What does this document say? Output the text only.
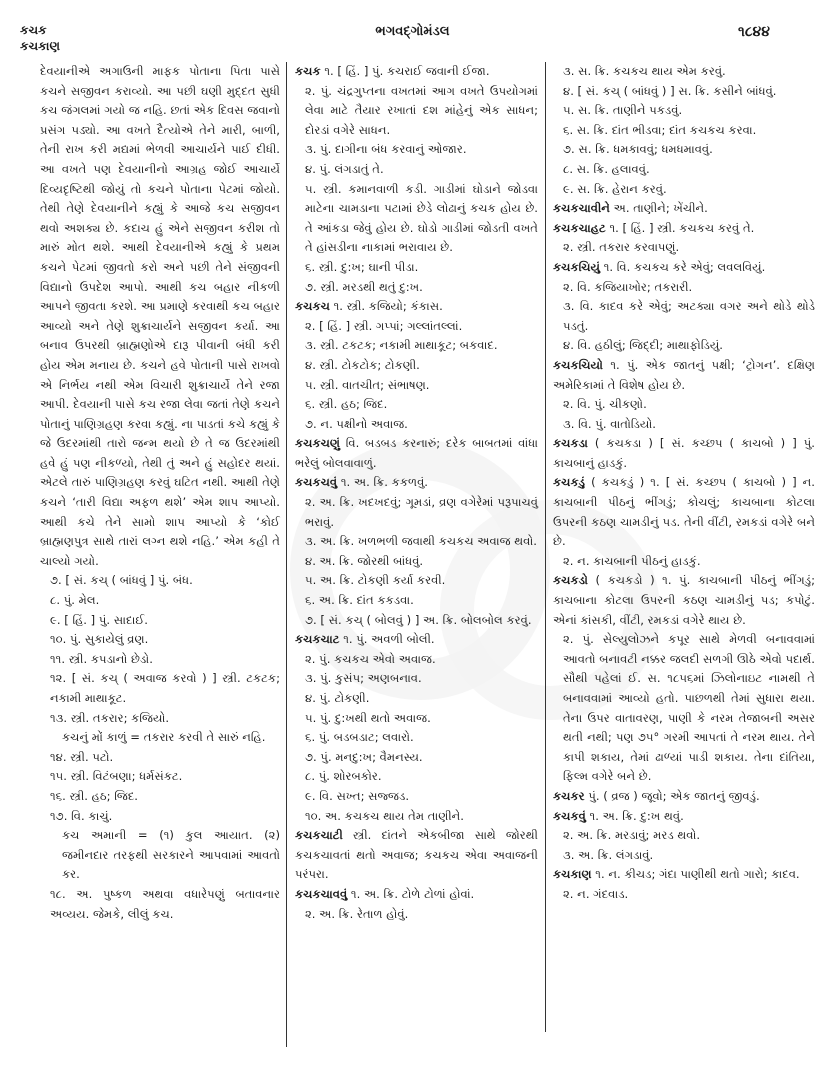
કચક
કચકાણ
ભગવદ્ગોમંડલ	૧૮૪૪

દેવયાનીએ અગાઉની માફક પોતાના પિતા પાસે કચને સજીવન કરાવ્યો. આ પછી ઘણી મુદ્દત સુધી કચ જંગલમાં ગયો જ નહિ. છતાં એક દિવસ જવાનો પ્રસંગ પડ્યો. આ વખતે દૈત્યોએ તેને મારી, બાળી, તેની રાખ કરી મદ્યમાં ભેળવી આચાર્યને પાઈ દીધી. આ વખતે પણ દેવયાનીનો આગ્રહ જોઈ આચાર્યે દિવ્યદૃષ્ટિથી જોયું તો કચને પોતાના પેટમાં જોયો. તેથી તેણે દેવયાનીને કહ્યું કે આજે કચ સજીવન થવો અશક્ય છે. કદાચ હું એને સજીવન કરીશ તો મારું મોત થશે. આથી દેવયાનીએ કહ્યું કે પ્રથમ કચને પેટમાં જીવતો કરો અને પછી તેને સંજીવની વિદ્યાનો ઉપદેશ આપો. આથી કચ બહાર નીકળી આપને જીવતા કરશે. આ પ્રમાણે કરવાથી કચ બહાર આવ્યો અને તેણે શુક્રાચાર્યને સજીવન કર્યા. આ બનાવ ઉપરથી બ્રાહ્મણોએ દારૂ પીવાની બંધી કરી હોય એમ મનાય છે. કચને હવે પોતાની પાસે રાખવો એ નિર્ભય નથી એમ વિચારી શુક્રાચાર્યે તેને રજા આપી. દેવયાની પાસે કચ રજા લેવા જતાં તેણે કચને પોતાનું પાણિગ્રહણ કરવા કહ્યું. ના પાડતાં કચે કહ્યું કે જે ઉદરમાંથી તારો જન્મ થયો છે તે જ ઉદરમાંથી હવે હું પણ નીકળ્યો, તેથી તું અને હું સહોદર થયાં. એટલે તારું પાણિગ્રહણ કરવું ઘટિત નથી. આથી તેણે કચને ‘તારી વિદ્યા અફળ થશે’ એમ શાપ આપ્યો. આથી કચે તેને સામો શાપ આપ્યો કે ‘કોઈ બ્રાહ્મણપુત્ર સાથે તારાં લગ્ન થશે નહિ.’ એમ કહી તે ચાલ્યો ગયો.

૭. [ સં. કચ્ ( બાંધવું ] પું. બંધ.

૮. પું. મેલ.

૯. [ હિં. ] પું. સાદાઈ.

૧૦. પું. સુકાયેલું વ્રણ.

૧૧. સ્ત્રી. કપડાનો છેડો.

૧૨. [ સં. કચ્ ( અવાજ કરવો ) ] સ્ત્રી. ટકટક; નકામી માથાકૂટ.

૧૩. સ્ત્રી. તકરાર; કજિયો.

કચનું મોં કાળું = તકરાર કરવી તે સારું નહિ.

૧૪. સ્ત્રી. પટો.

૧૫. સ્ત્રી. વિટંબણા; ધર્મસંકટ.

૧૬. સ્ત્રી. હઠ; જિદ.

૧૭. વિ. કાચું.

કચ અમાની = (૧) કુલ આયાત. (૨) જમીનદાર તરફથી સરકારને આપવામાં આવતો કર.

૧૮. અ. પુષ્કળ અથવા વધારેપણું બતાવનાર અવ્યય. જેમકે, લીલું કચ.

કચક ૧. [ હિં. ] પું. કચરાઈ જવાની ઈજા.

૨. પું. ચંદ્રગુપ્તના વખતમાં આગ વખતે ઉપયોગમાં લેવા માટે તૈયાર રખાતાં દશ માંહેનું એક સાધન; દોરડાં વગેરે સાધન.

૩. પું. દાગીના બંધ કરવાનું ઓજાર.

૪. પું. લંગડાતું તે.

૫. સ્ત્રી. કમાનવાળી કડી. ગાડીમાં ઘોડાને જોડવા માટેના ચામડાના પટામાં છેડે લોઢાનું કચક હોય છે. તે આંકડા જેવું હોય છે. ઘોડો ગાડીમાં જોડતી વખતે તે હાંસડીના નાકામાં ભરાવાય છે.

૬. સ્ત્રી. દુ:ખ; ઘાની પીડા.

૭. સ્ત્રી. મરડથી થતું દુ:ખ.

કચકચ ૧. સ્ત્રી. કજિયો; કંકાસ.

૨. [ હિં. ] સ્ત્રી. ગપ્પાં; ગલ્લાંતલ્લાં.

૩. સ્ત્રી. ટકટક; નકામી માથાકૂટ; બકવાદ.

૪. સ્ત્રી. ટોકટોક; ટોકણી.

૫. સ્ત્રી. વાતચીત; સંભાષણ.

૬. સ્ત્રી. હઠ; જિદ.

૭. ન. પક્ષીનો અવાજ.

કચકચણું વિ. બડબડ કરનારું; દરેક બાબતમાં વાંધા ભરેલું બોલવાવાળું.

કચકચવું ૧. અ. ક્રિ. કકળવું.

૨. અ. ક્રિ. ખદખદવું; ગૂમડાં, વ્રણ વગેરેમાં પરૂપાચવું ભરાવું.

૩. અ. ક્રિ. ખળભળી જવાથી કચકચ અવાજ થવો.

૪. અ. ક્રિ. જોરથી બાંધવું.

૫. અ. ક્રિ. ટોકણી કર્યા કરવી.

૬. અ. ક્રિ. દાંત કકડવા.

૭. [ સં. કચ્ ( બોલવું ) ] અ. ક્રિ. બોલબોલ કરવું.

કચકચાટ ૧. પું. અવળી બોલી.

૨. પું. કચકચ એવો અવાજ.

૩. પું. કુસંપ; અણબનાવ.

૪. પું. ટોકણી.

૫. પું. દુ:ખથી થતો અવાજ.

૬. પું. બડબડાટ; લવારો.

૭. પું. મનદુ:ખ; વૈમનસ્ય.

૮. પું. શોરબકોર.

૯. વિ. સખ્ત; સજ્જડ.

૧૦. અ. કચકચ થાય તેમ તાણીને.

કચકચાટી સ્ત્રી. દાંતને એકબીજા સાથે જોરથી કચકચાવતાં થતો અવાજ; કચકચ એવા અવાજની પરંપરા.

કચકચાવવું ૧. અ. ક્રિ. ટોળે ટોળાં હોવાં.

૨. અ. ક્રિ. રેતાળ હોવું.

૩. સ. ક્રિ. કચકચ થાય એમ કરવું.

૪. [ સં. કચ્ ( બાંધવું ) ] સ. ક્રિ. કસીને બાંધવું.

૫. સ. ક્રિ. તાણીને પકડવું.

૬. સ. ક્રિ. દાંત ભીડવા; દાંત કચકચ કરવા.

૭. સ. ક્રિ. ધમકાવવું; ધમધમાવવું.

૮. સ. ક્રિ. હલાવવું.

૯. સ. ક્રિ. હેરાન કરવું.

કચકચાવીને અ. તાણીને; ખેંચીને.

કચકચાહટ ૧. [ હિં. ] સ્ત્રી. કચકચ કરવું તે.

૨. સ્ત્રી. તકરાર કરવાપણું.

કચકચિયું ૧. વિ. કચકચ કરે એવું; લવલવિયું.

૨. વિ. કજિયાખોર; તકરારી.

૩. વિ. કાદવ કરે એવું; અટક્યા વગર અને થોડે થોડે પડતું.

૪. વિ. હઠીલું; જિદ્દી; માથાફોડિયું.

કચકચિયો ૧. પું. એક જાતનું પક્ષી; ‘ટ્રોગન’. દક્ષિણ અમેરિકામાં તે વિશેષ હોય છે.

૨. વિ. પું. ચીકણો.

૩. વિ. પું. વાતોડિયો.

કચકડા ( કચકડા ) [ સં. કચ્છપ ( કાચબો ) ] પું. કાચબાનું હાડકું.

કચકડું ( કચકડું ) ૧. [ સં. કચ્છપ ( કાચબો ) ] ન. કાચબાની પીઠનું ભીંગડું; કોચલું; કાચબાના કોટલા ઉપરની કઠણ ચામડીનું પડ. તેની વીંટી, રમકડાં વગેરે બને છે.

૨. ન. કાચબાની પીઠનું હાડકું.

કચકડો ( કચકડો ) ૧. પું. કાચબાની પીઠનું ભીંગડું; કાચબાના કોટલા ઉપરની કઠણ ચામડીનું પડ; કપોટું. એનાં કાંસકી, વીંટી, રમકડાં વગેરે થાય છે.

૨. પું. સેલ્યુલોઝને કપૂર સાથે મેળવી બનાવવામાં આવતો બનાવટી નક્કર જલદી સળગી ઊઠે એવો પદાર્થ. સૌથી પહેલાં ઈ. સ. ૧૮૫૬માં ઝિલોનાઇટ નામથી તે બનાવવામાં આવ્યો હતો. પાછળથી તેમાં સુધારા થયા. તેના ઉપર વાતાવરણ, પાણી કે નરમ તેજાબની અસર થતી નથી; પણ ૭૫° ગરમી આપતાં તે નરમ થાય. તેને કાપી શકાય, તેમાં ઢાળ્યાં પાડી શકાય. તેના દાંતિયા, ફિલ્મ વગેરે બને છે.

કચકર પું. ( વ્રજ ) જૂવો; એક જાતનું જીવડું.

કચકવું ૧. અ. ક્રિ. દુ:ખ થવું.

૨. અ. ક્રિ. મરડાવું; મરડ થવો.

૩. અ. ક્રિ. લંગડાવું.

કચકાણ ૧. ન. કીચડ; ગંદા પાણીથી થતો ગારો; કાદવ.

૨. ન. ગંદવાડ.
